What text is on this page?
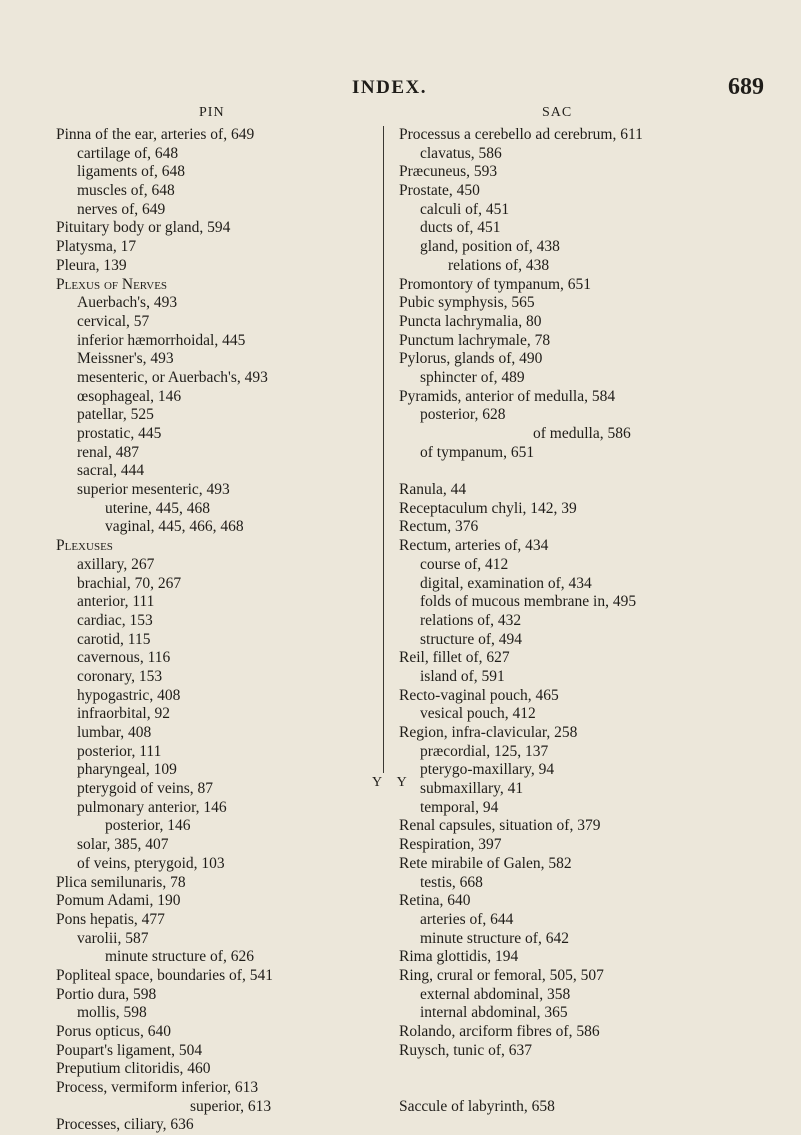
INDEX.	689
PIN	SAC
Pinna of the ear, arteries of, 649
cartilage of, 648
ligaments of, 648
muscles of, 648
nerves of, 649
Pituitary body or gland, 594
Platysma, 17
Pleura, 139
Plexus of Nerves
Auerbach's, 493
cervical, 57
inferior hæmorrhoidal, 445
Meissner's, 493
mesenteric, or Auerbach's, 493
œsophageal, 146
patellar, 525
prostatic, 445
renal, 487
sacral, 444
superior mesenteric, 493
uterine, 445, 468
vaginal, 445, 466, 468
Plexuses
axillary, 267
brachial, 70, 267
anterior, 111
cardiac, 153
carotid, 115
cavernous, 116
coronary, 153
hypogastric, 408
infraorbital, 92
lumbar, 408
posterior, 111
pharyngeal, 109
pterygoid of veins, 87
pulmonary anterior, 146
posterior, 146
solar, 385, 407
of veins, pterygoid, 103
Plica semilunaris, 78
Pomum Adami, 190
Pons hepatis, 477
varolii, 587
minute structure of, 626
Popliteal space, boundaries of, 541
Portio dura, 598
mollis, 598
Porus opticus, 640
Poupart's ligament, 504
Preputium clitoridis, 460
Process, vermiform inferior, 613
superior, 613
Processes, ciliary, 636
Processus a cerebello ad cerebrum, 611
clavatus, 586
Præcuneus, 593
Prostate, 450
calculi of, 451
ducts of, 451
gland, position of, 438
relations of, 438
Promontory of tympanum, 651
Pubic symphysis, 565
Puncta lachrymalia, 80
Punctum lachrymale, 78
Pylorus, glands of, 490
sphincter of, 489
Pyramids, anterior of medulla, 584
posterior, 628
of medulla, 586
of tympanum, 651
Ranula, 44
Receptaculum chyli, 142, 39
Rectum, 376
Rectum, arteries of, 434
course of, 412
digital, examination of, 434
folds of mucous membrane in, 495
relations of, 432
structure of, 494
Reil, fillet of, 627
island of, 591
Recto-vaginal pouch, 465
vesical pouch, 412
Region, infra-clavicular, 258
præcordial, 125, 137
pterygo-maxillary, 94
submaxillary, 41
temporal, 94
Renal capsules, situation of, 379
Respiration, 397
Rete mirabile of Galen, 582
testis, 668
Retina, 640
arteries of, 644
minute structure of, 642
Rima glottidis, 194
Ring, crural or femoral, 505, 507
external abdominal, 358
internal abdominal, 365
Rolando, arciform fibres of, 586
Ruysch, tunic of, 637
Saccule of labyrinth, 658
Y Y
